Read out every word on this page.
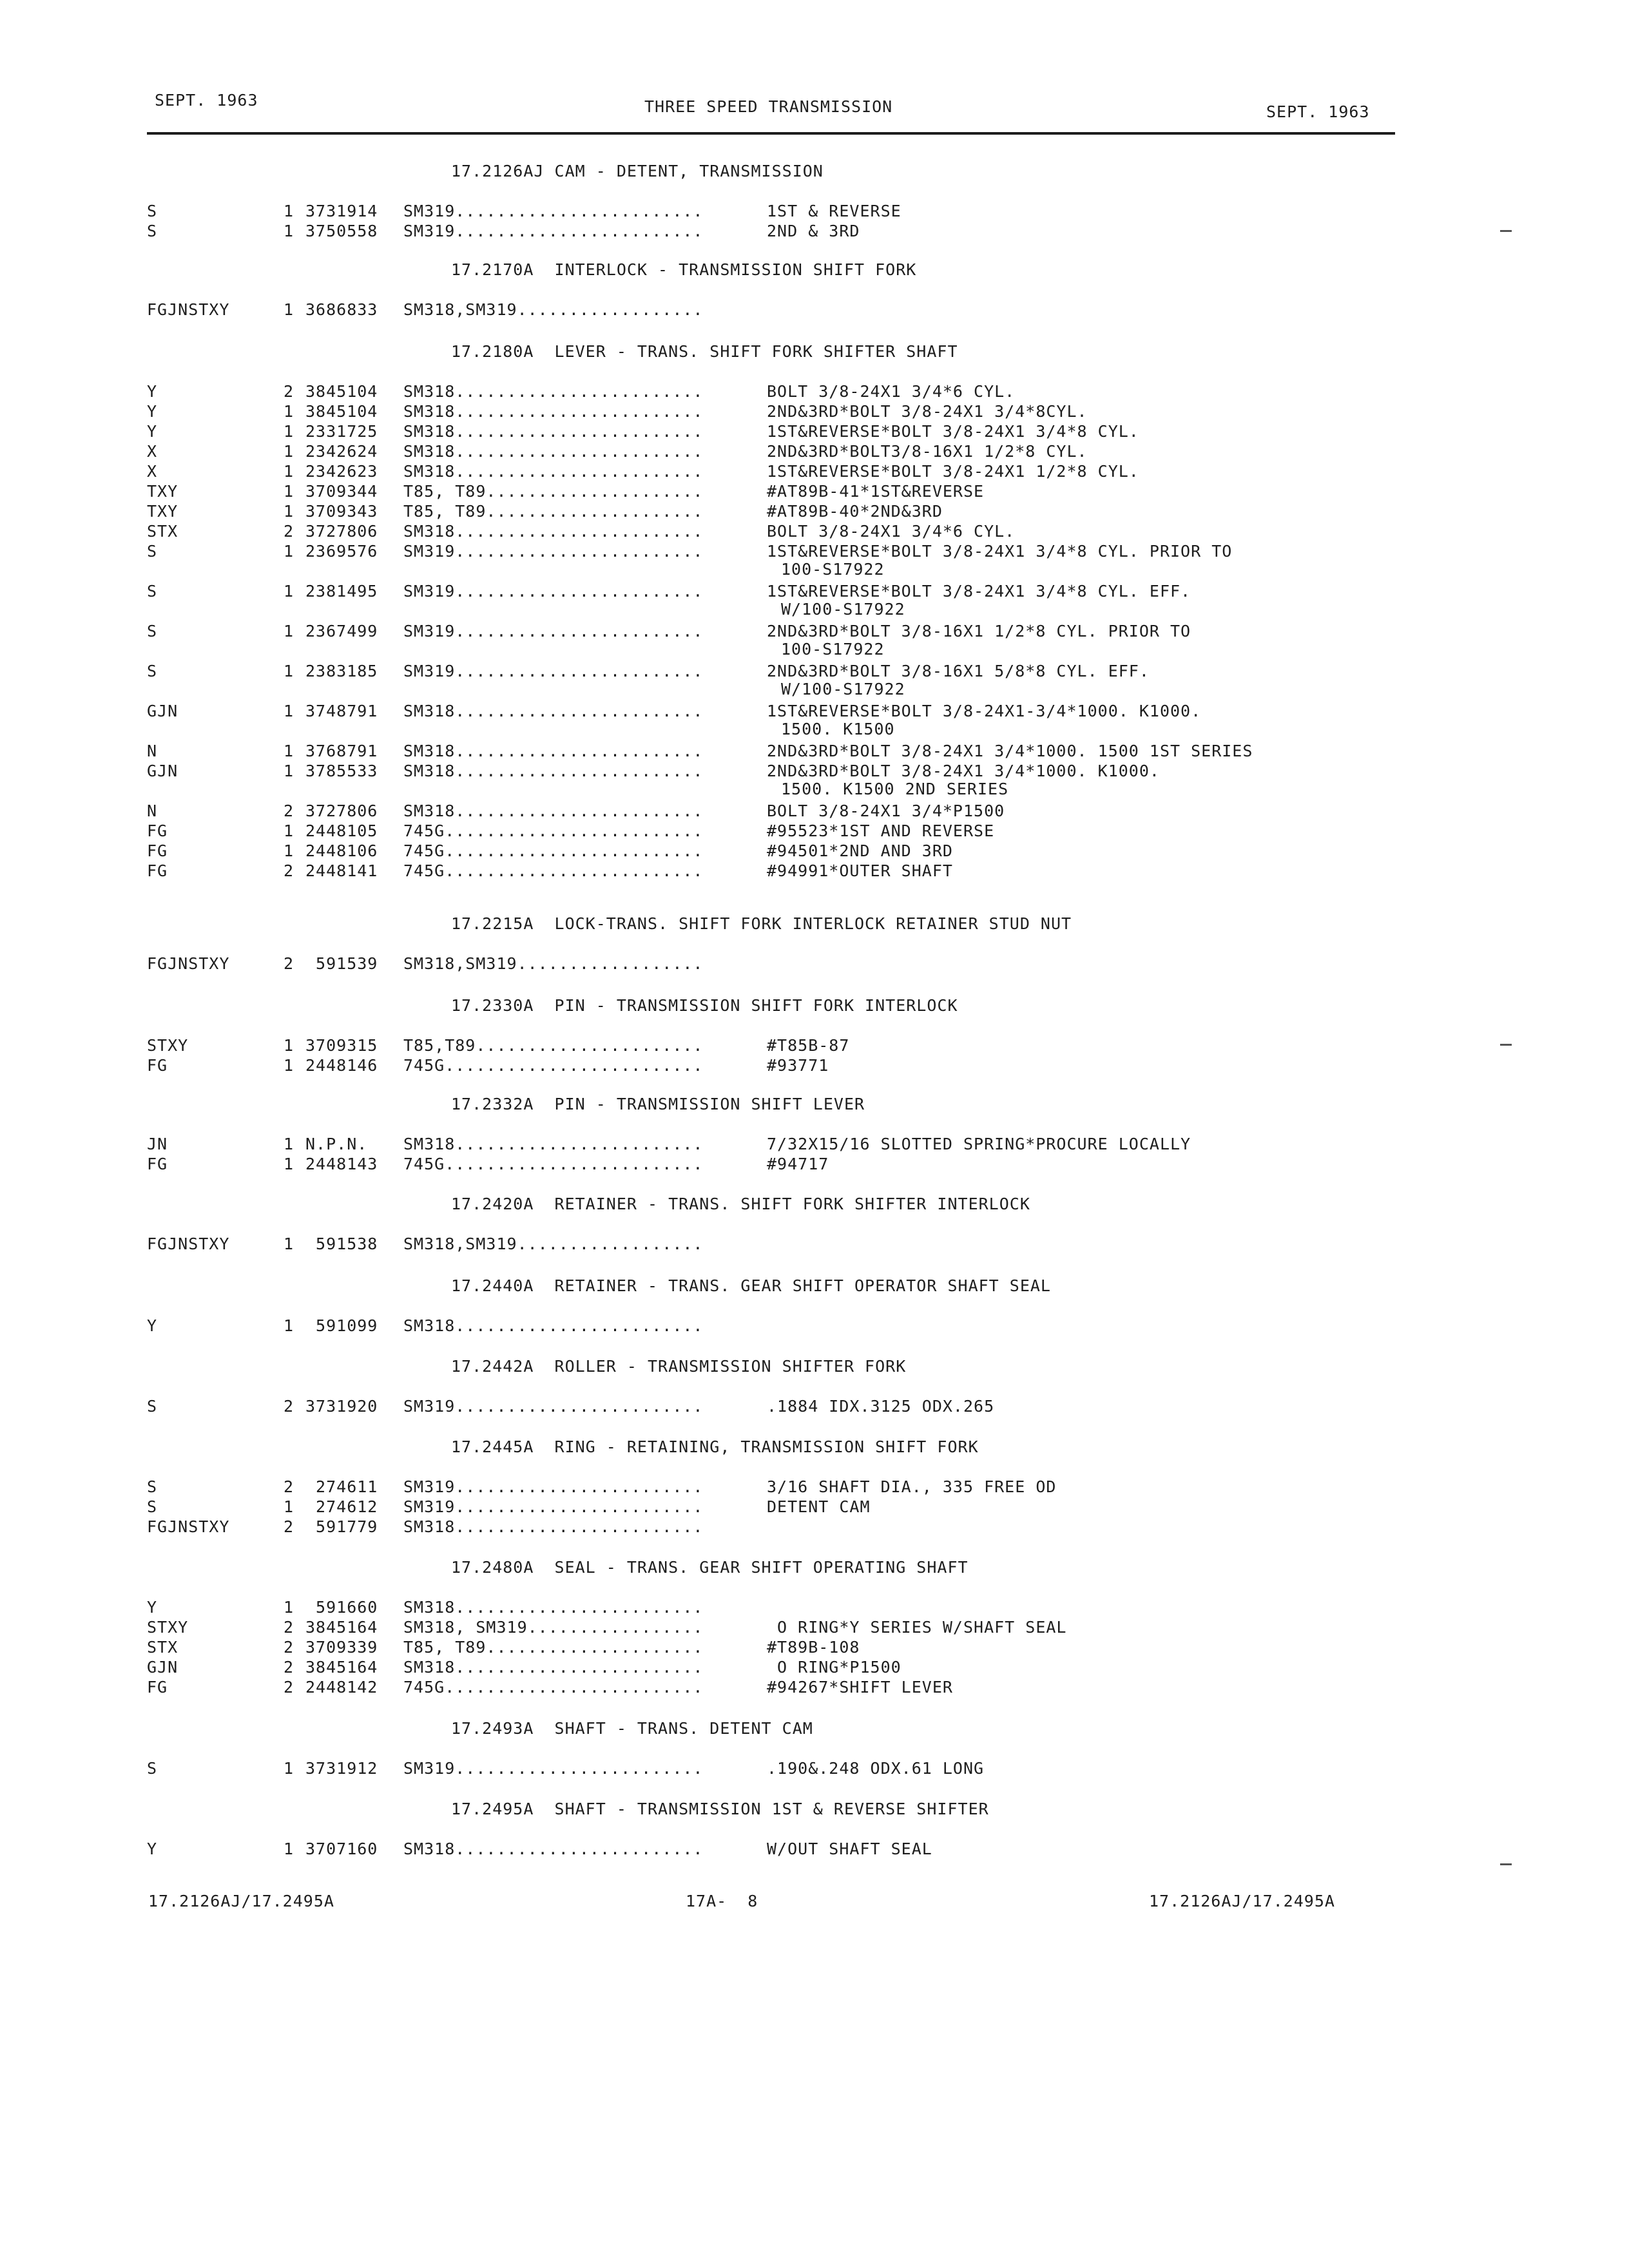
SEPT. 1963	THREE SPEED TRANSMISSION	SEPT. 1963
17.2126AJ CAM - DETENT, TRANSMISSION
S	1 3731914 SM319........................	1ST & REVERSE
S	1 3750558 SM319........................	2ND & 3RD
17.2170A  INTERLOCK - TRANSMISSION SHIFT FORK
FGJNSTXY	1 3686833 SM318,SM319..................
17.2180A  LEVER - TRANS. SHIFT FORK SHIFTER SHAFT
Y	2 3845104 SM318........................	BOLT 3/8-24X1 3/4*6 CYL.
Y	1 3845104 SM318........................	2ND&3RD*BOLT 3/8-24X1 3/4*8CYL.
Y	1 2331725 SM318........................	1ST&REVERSE*BOLT 3/8-24X1 3/4*8 CYL.
X	1 2342624 SM318........................	2ND&3RD*BOLT3/8-16X1 1/2*8 CYL.
X	1 2342623 SM318........................	1ST&REVERSE*BOLT 3/8-24X1 1/2*8 CYL.
TXY	1 3709344 T85, T89.....................	#AT89B-41*1ST&REVERSE
TXY	1 3709343 T85, T89.....................	#AT89B-40*2ND&3RD
STX	2 3727806 SM318........................	BOLT 3/8-24X1 3/4*6 CYL.
S	1 2369576 SM319........................	1ST&REVERSE*BOLT 3/8-24X1 3/4*8 CYL. PRIOR TO
100-S17922
S	1 2381495 SM319........................	1ST&REVERSE*BOLT 3/8-24X1 3/4*8 CYL. EFF.
W/100-S17922
S	1 2367499 SM319........................	2ND&3RD*BOLT 3/8-16X1 1/2*8 CYL. PRIOR TO
100-S17922
S	1 2383185 SM319........................	2ND&3RD*BOLT 3/8-16X1 5/8*8 CYL. EFF.
W/100-S17922
GJN	1 3748791 SM318........................	1ST&REVERSE*BOLT 3/8-24X1-3/4*1000. K1000.
1500. K1500
N	1 3768791 SM318........................	2ND&3RD*BOLT 3/8-24X1 3/4*1000. 1500 1ST SERIES
GJN	1 3785533 SM318........................	2ND&3RD*BOLT 3/8-24X1 3/4*1000. K1000.
1500. K1500 2ND SERIES
N	2 3727806 SM318........................	BOLT 3/8-24X1 3/4*P1500
FG	1 2448105 745G.........................	#95523*1ST AND REVERSE
FG	1 2448106 745G.........................	#94501*2ND AND 3RD
FG	2 2448141 745G.........................	#94991*OUTER SHAFT
17.2215A  LOCK-TRANS. SHIFT FORK INTERLOCK RETAINER STUD NUT
FGJNSTXY	2 591539 SM318,SM319..................
17.2330A  PIN - TRANSMISSION SHIFT FORK INTERLOCK
STXY	1 3709315 T85,T89......................	#T85B-87
FG	1 2448146 745G.........................	#93771
17.2332A  PIN - TRANSMISSION SHIFT LEVER
JN	1 N.P.N. SM318........................	7/32X15/16 SLOTTED SPRING*PROCURE LOCALLY
FG	1 2448143 745G.........................	#94717
17.2420A  RETAINER - TRANS. SHIFT FORK SHIFTER INTERLOCK
FGJNSTXY	1 591538 SM318,SM319..................
17.2440A  RETAINER - TRANS. GEAR SHIFT OPERATOR SHAFT SEAL
Y	1 591099 SM318........................
17.2442A  ROLLER - TRANSMISSION SHIFTER FORK
S	2 3731920 SM319........................	.1884 IDX.3125 ODX.265
17.2445A  RING - RETAINING, TRANSMISSION SHIFT FORK
S	2 274611 SM319........................	3/16 SHAFT DIA., 335 FREE OD
S	1 274612 SM319........................	DETENT CAM
FGJNSTXY	2 591779 SM318........................
17.2480A  SEAL - TRANS. GEAR SHIFT OPERATING SHAFT
Y	1 591660 SM318........................
STXY	2 3845164 SM318, SM319.................	O RING*Y SERIES W/SHAFT SEAL
STX	2 3709339 T85, T89.....................	#T89B-108
GJN	2 3845164 SM318........................	O RING*P1500
FG	2 2448142 745G.........................	#94267*SHIFT LEVER
17.2493A  SHAFT - TRANS. DETENT CAM
S	1 3731912 SM319........................	.190&.248 ODX.61 LONG
17.2495A  SHAFT - TRANSMISSION 1ST & REVERSE SHIFTER
Y	1 3707160 SM318........................	W/OUT SHAFT SEAL
17.2126AJ/17.2495A	17A-  8	17.2126AJ/17.2495A
